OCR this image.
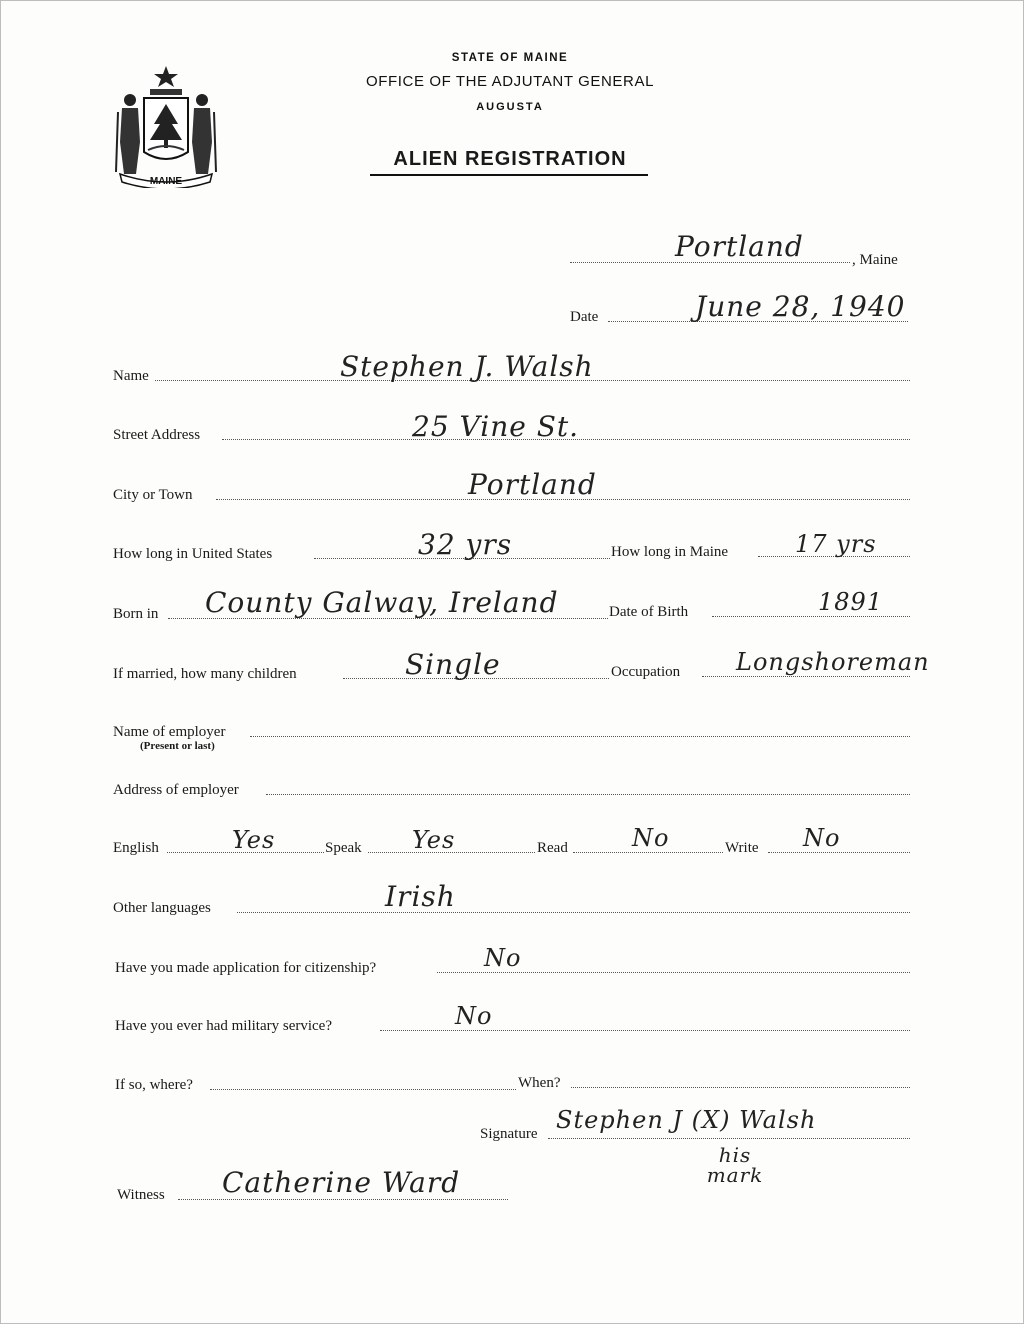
MAINE
STATE OF MAINE
OFFICE OF THE ADJUTANT GENERAL
AUGUSTA
ALIEN REGISTRATION
Portland	, Maine
Date	June 28, 1940
Name	Stephen J. Walsh
Street Address	25 Vine St.
City or Town	Portland
How long in United States	32 yrs	How long in Maine	17 yrs
Born in County Galway, Ireland	Date of Birth	1891
If married, how many children	Single	Occupation Longshoreman
Name of employer
(Present or last)
Address of employer
English	Yes	Speak Yes	Read	No	Write No
Other languages	Irish
Have you made application for citizenship?	No
Have you ever had military service?	No
If so, where?	When?
Signature Stephen J (X) Walsh
his mark
Witness Catherine Ward
